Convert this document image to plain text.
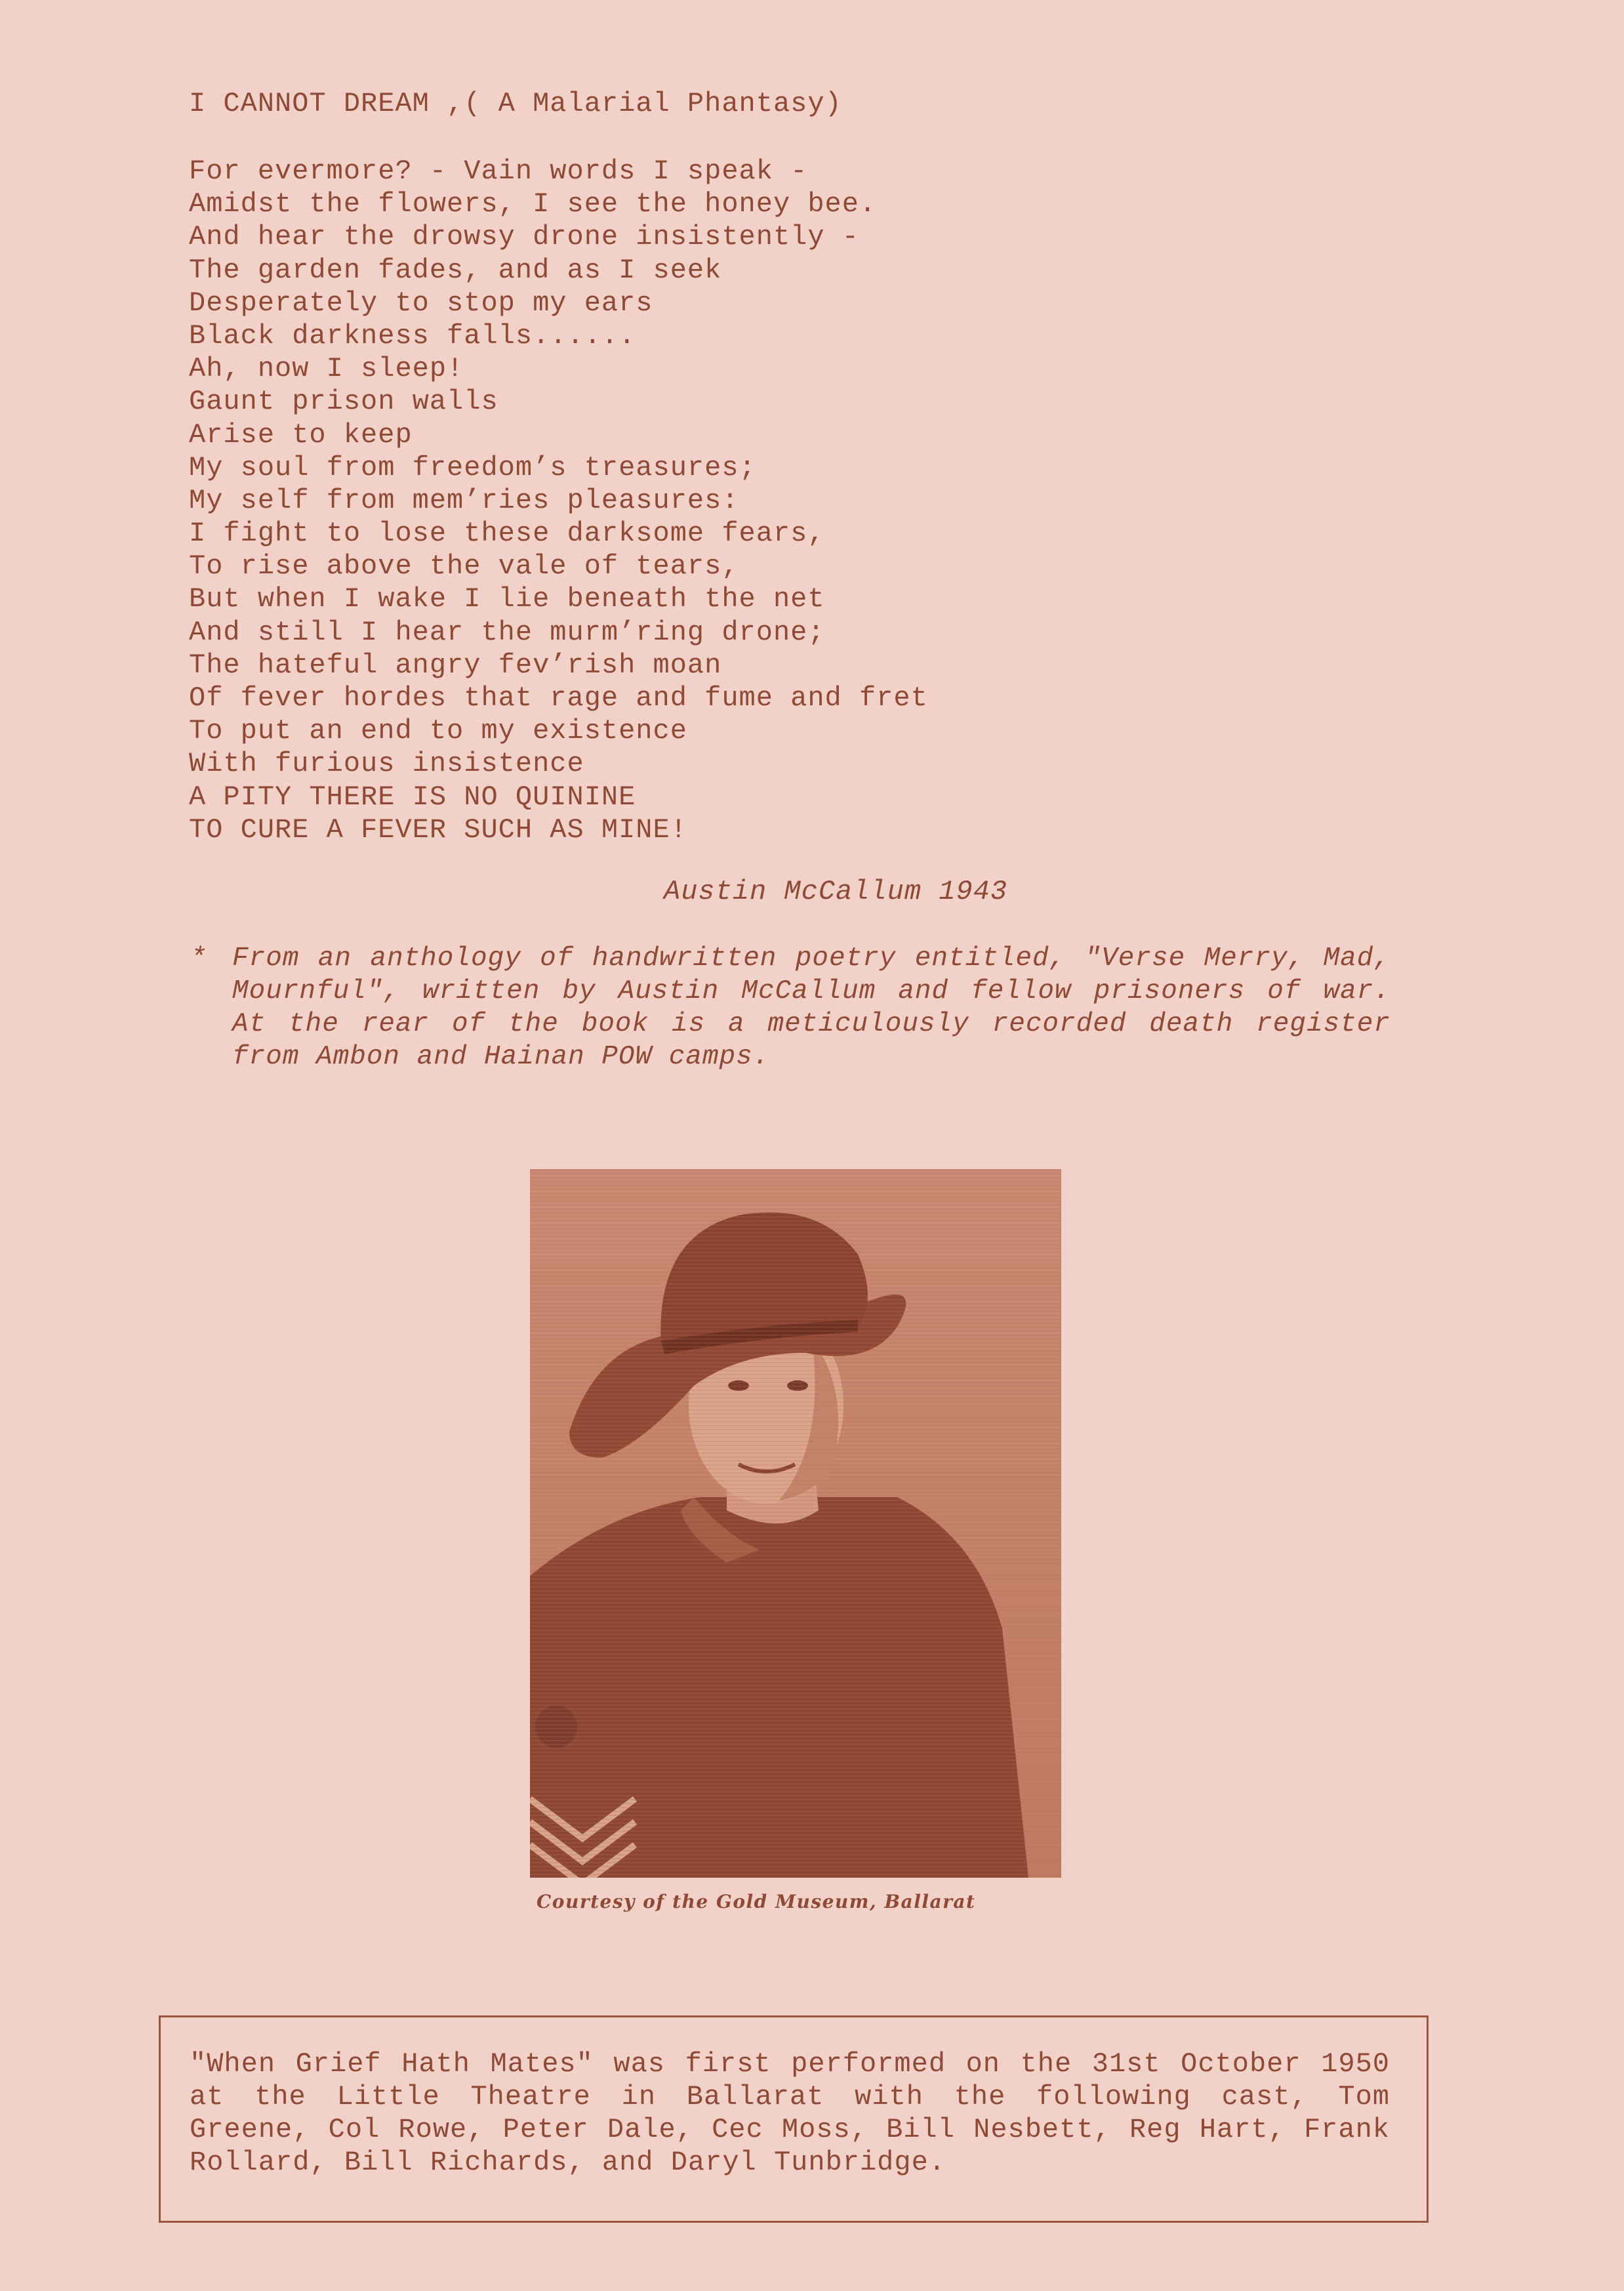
I CANNOT DREAM ,( A Malarial Phantasy)
For evermore? - Vain words I speak -
Amidst the flowers, I see the honey bee.
And hear the drowsy drone insistently -
The garden fades, and as I seek
Desperately to stop my ears
Black darkness falls......
Ah, now I sleep!
Gaunt prison walls
Arise to keep
My soul from freedom’s treasures;
My self from mem’ries pleasures:
I fight to lose these darksome fears,
To rise above the vale of tears,
But when I wake I lie beneath the net
And still I hear the murm’ring drone;
The hateful angry fev’rish moan
Of fever hordes that rage and fume and fret
To put an end to my existence
With furious insistence
A PITY THERE IS NO QUININE
TO CURE A FEVER SUCH AS MINE!
Austin McCallum 1943
* From an anthology of handwritten poetry entitled, "Verse Merry, Mad, Mournful", written by Austin McCallum and fellow prisoners of war. At the rear of the book is a meticulously recorded death register from Ambon and Hainan POW camps.
Courtesy of the Gold Museum, Ballarat
"When Grief Hath Mates" was first performed on the 31st October 1950 at the Little Theatre in Ballarat with the following cast, Tom Greene, Col Rowe, Peter Dale, Cec Moss, Bill Nesbett, Reg Hart, Frank Rollard, Bill Richards, and Daryl Tunbridge.
